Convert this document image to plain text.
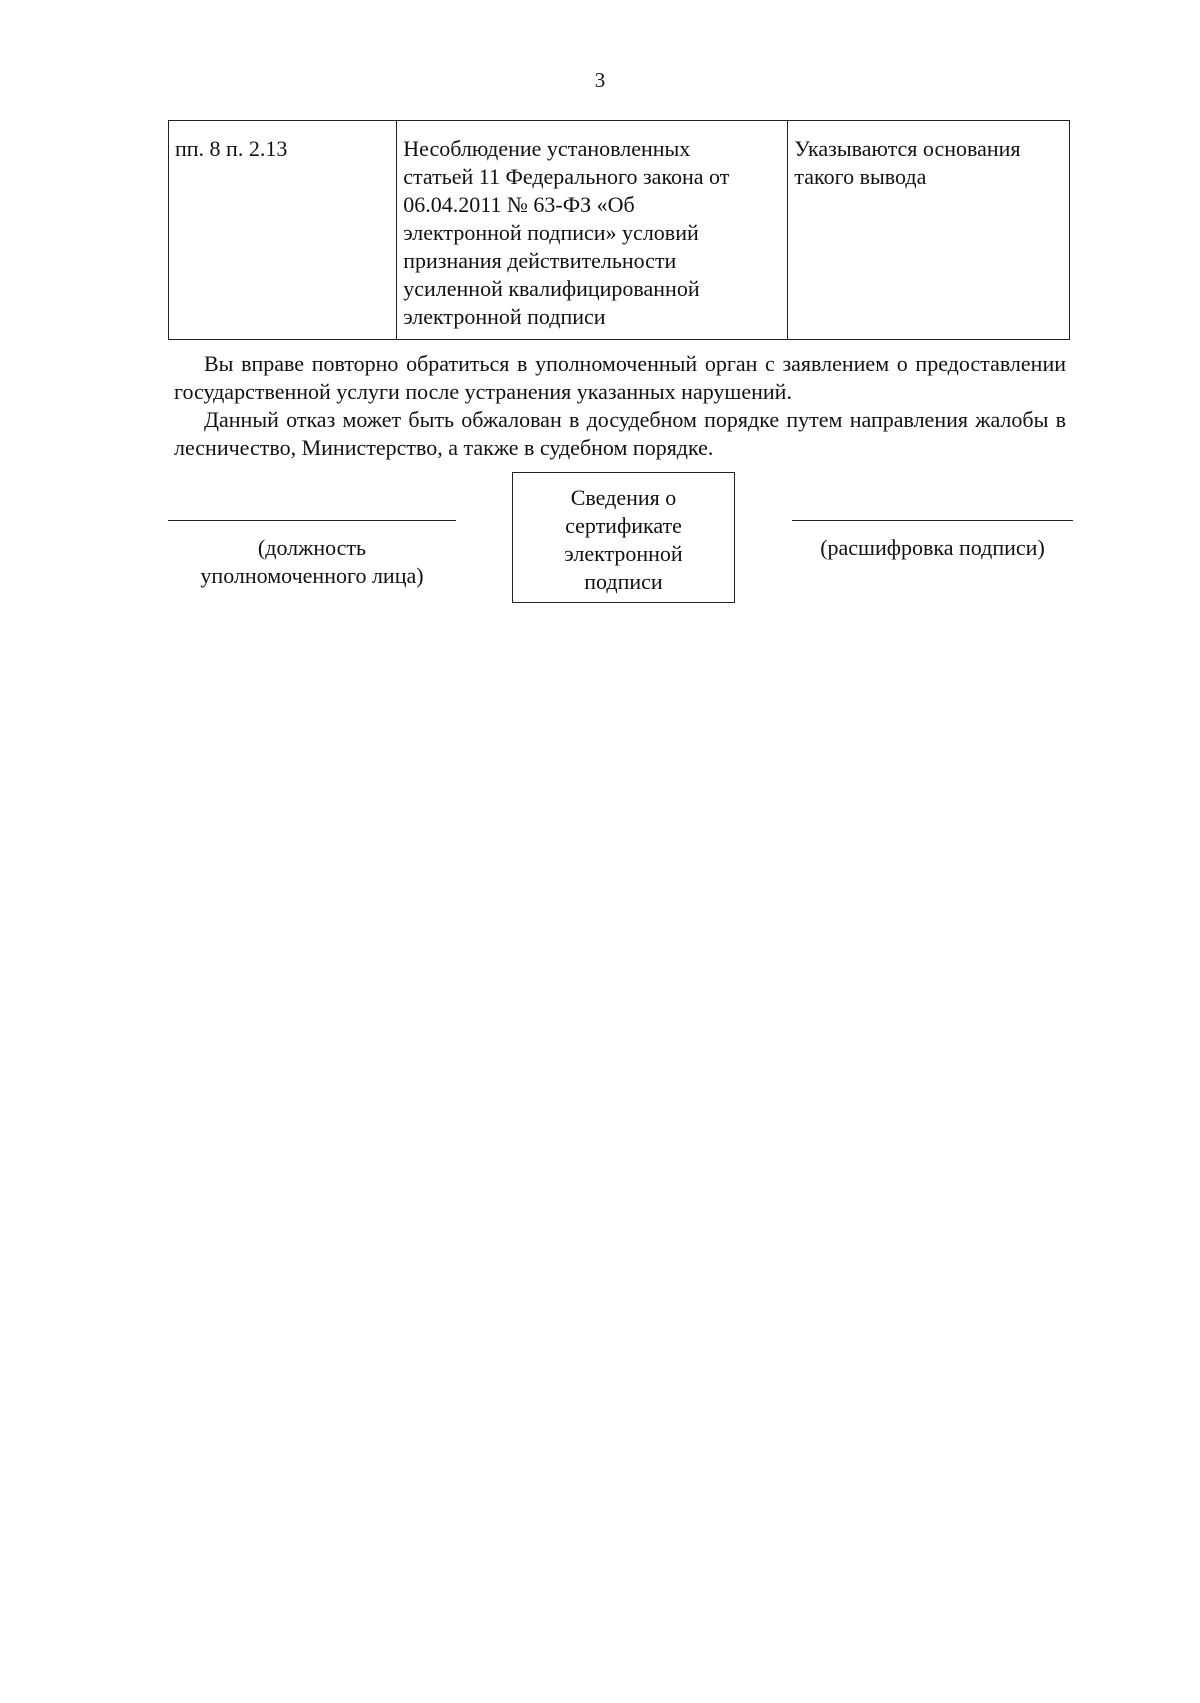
3
пп. 8 п. 2.13	Несоблюдение установленных
статьей 11 Федерального закона от
06.04.2011 № 63-ФЗ «Об
электронной подписи» условий
признания действительности
усиленной квалифицированной
электронной подписи	Указываются основания
такого вывода

Вы вправе повторно обратиться в уполномоченный орган с заявлением о предоставлении государственной услуги после устранения указанных нарушений.

Данный отказ может быть обжалован в досудебном порядке путем направления жалобы в лесничество, Министерство, а также в судебном порядке.

(должность
уполномоченного лица)
Сведения о
сертификате
электронной
подписи
(расшифровка подписи)
